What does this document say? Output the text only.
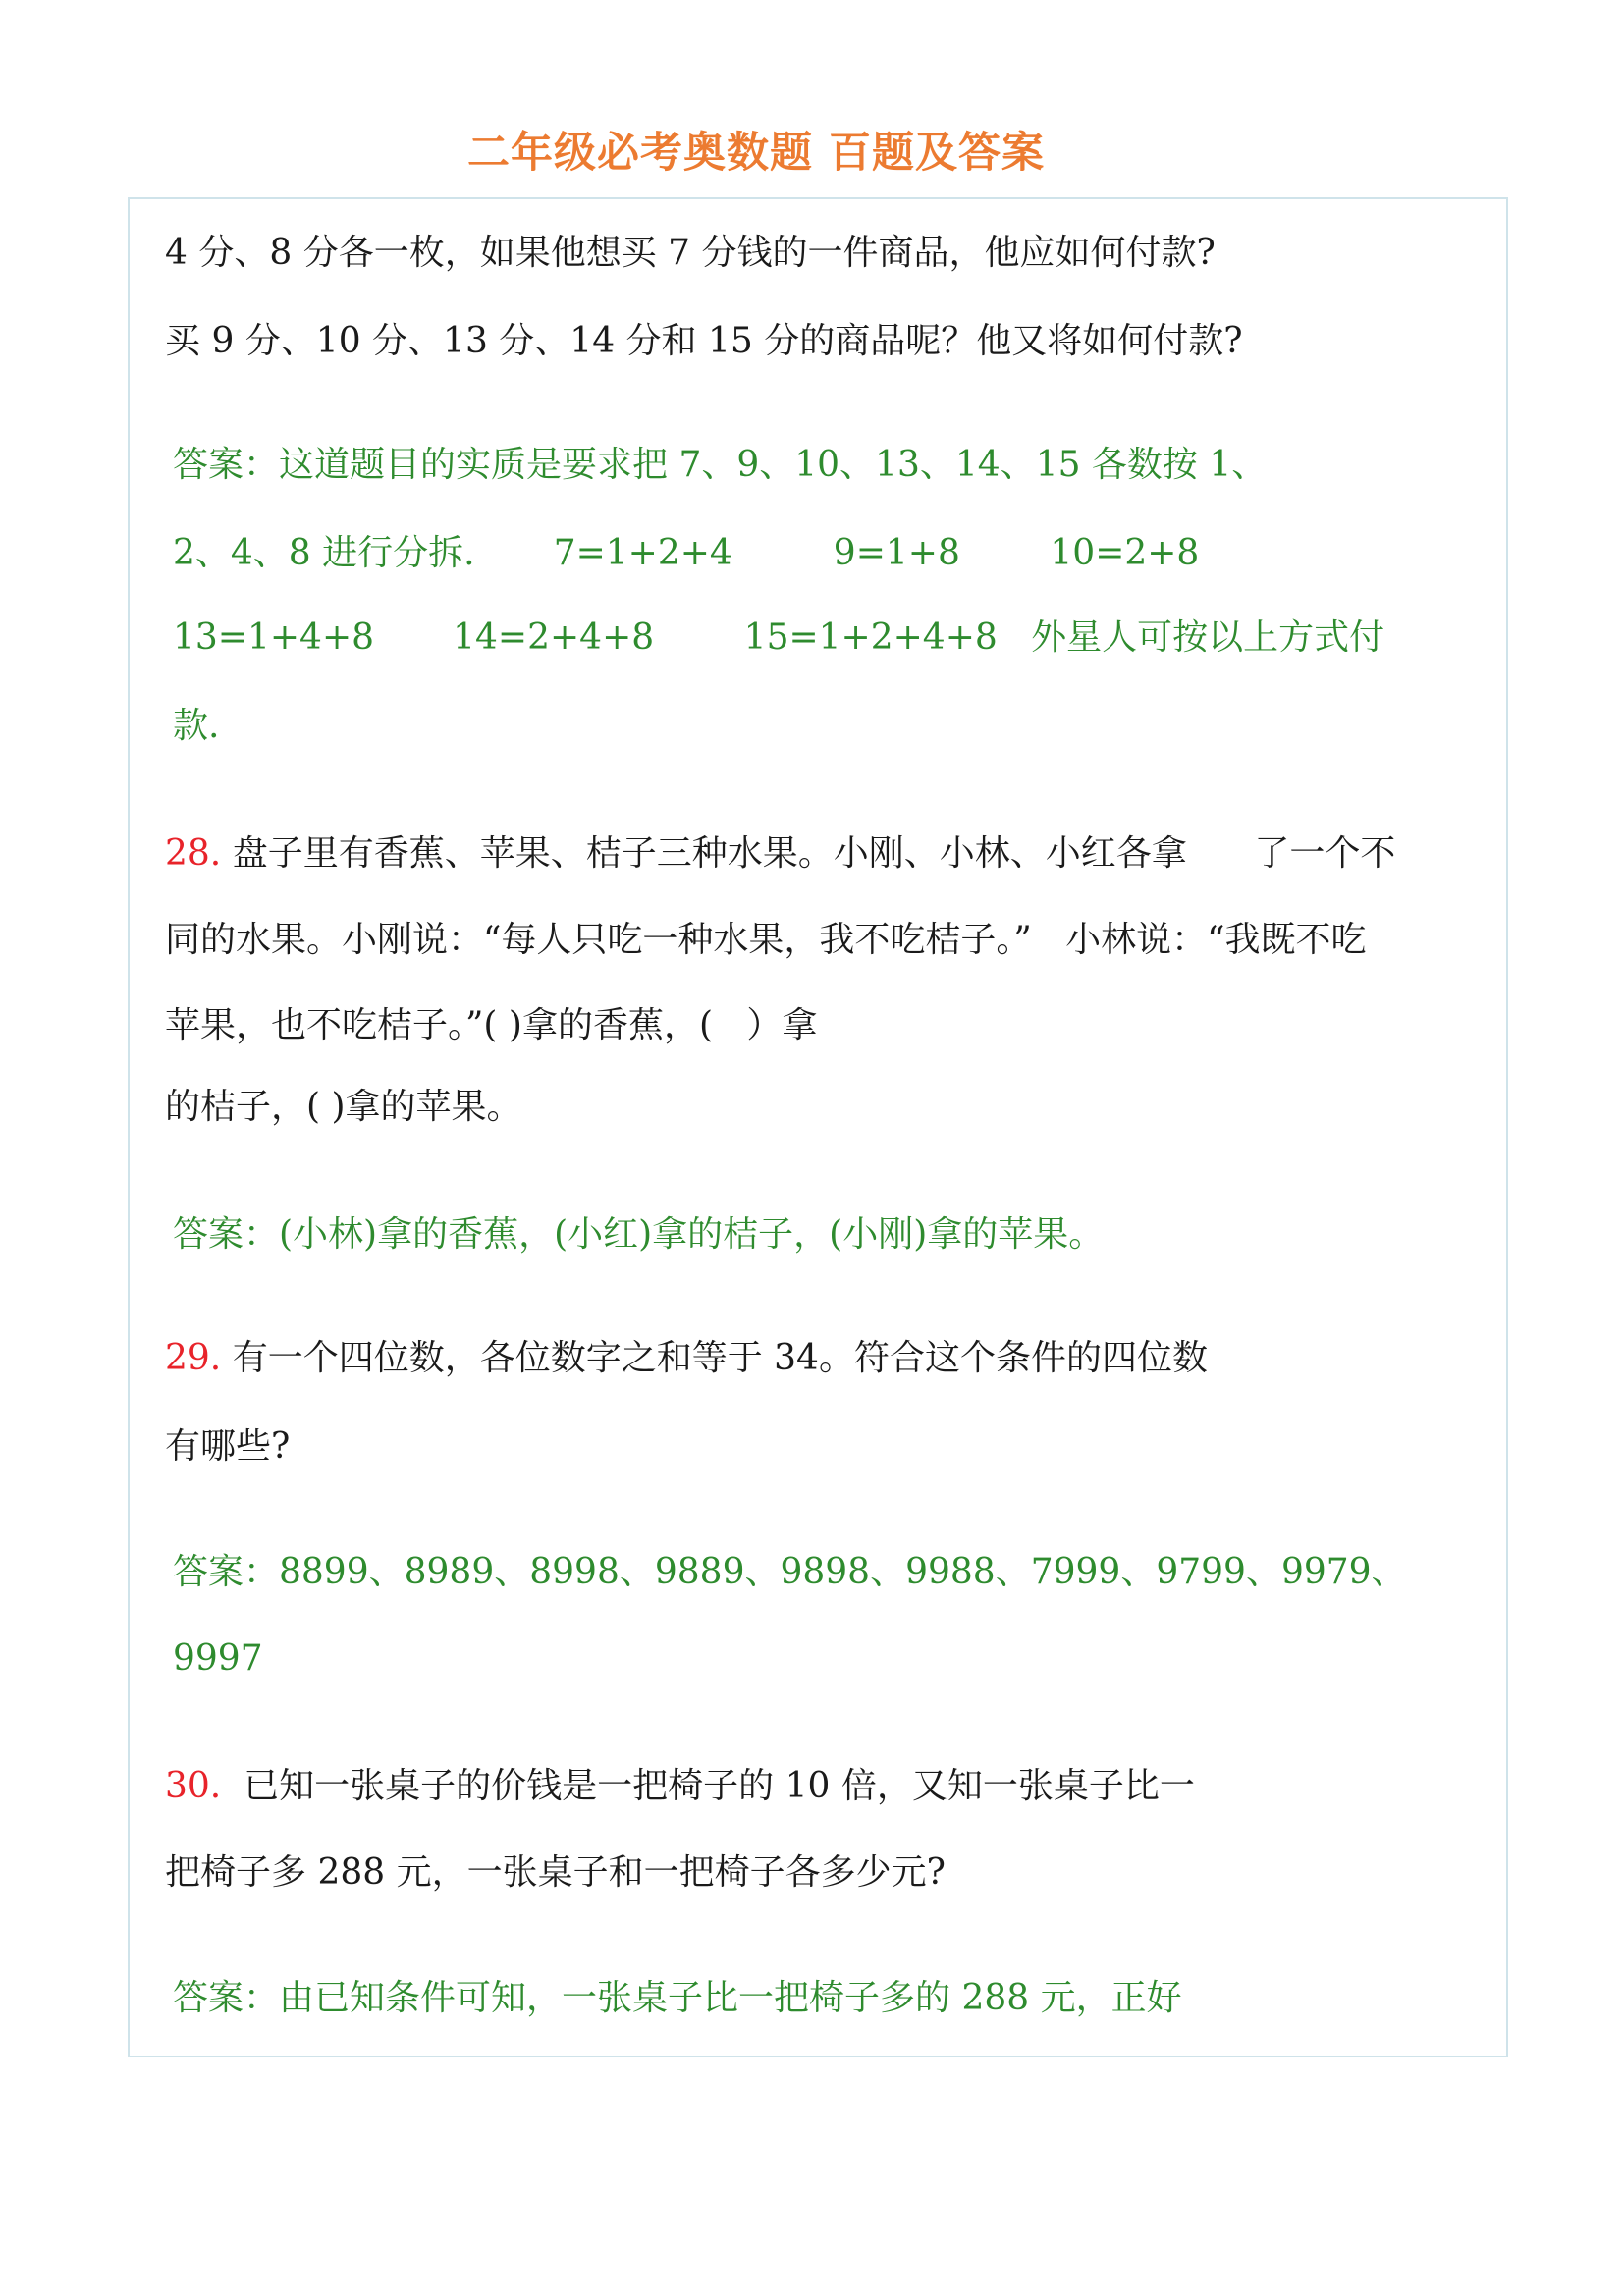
二年级必考奥数题 百题及答案
4 分、8 分各一枚，如果他想买 7 分钱的一件商品，他应如何付款?
买 9 分、10 分、13 分、14 分和 15 分的商品呢？他又将如何付款?
答案：这道题目的实质是要求把 7、9、10、13、14、15 各数按 1、
2、4、8 进行分拆.       7=1+2+4         9=1+8        10=2+8
13=1+4+8       14=2+4+8        15=1+2+4+8   外星人可按以上方式付
款.
28. 盘子里有香蕉、苹果、桔子三种水果。小刚、小林、小红各拿      了一个不
同的水果。小刚说：“每人只吃一种水果，我不吃桔子。”   小林说：“我既不吃
苹果，也不吃桔子。”( )拿的香蕉，(   ）拿
的桔子，( )拿的苹果。
答案：(小林)拿的香蕉，(小红)拿的桔子，(小刚)拿的苹果。
29. 有一个四位数，各位数字之和等于 34。符合这个条件的四位数
有哪些?
答案：8899、8989、8998、9889、9898、9988、7999、9799、9979、
9997
30.  已知一张桌子的价钱是一把椅子的 10 倍，又知一张桌子比一
把椅子多 288 元，一张桌子和一把椅子各多少元?
答案：由已知条件可知，一张桌子比一把椅子多的 288 元，正好
